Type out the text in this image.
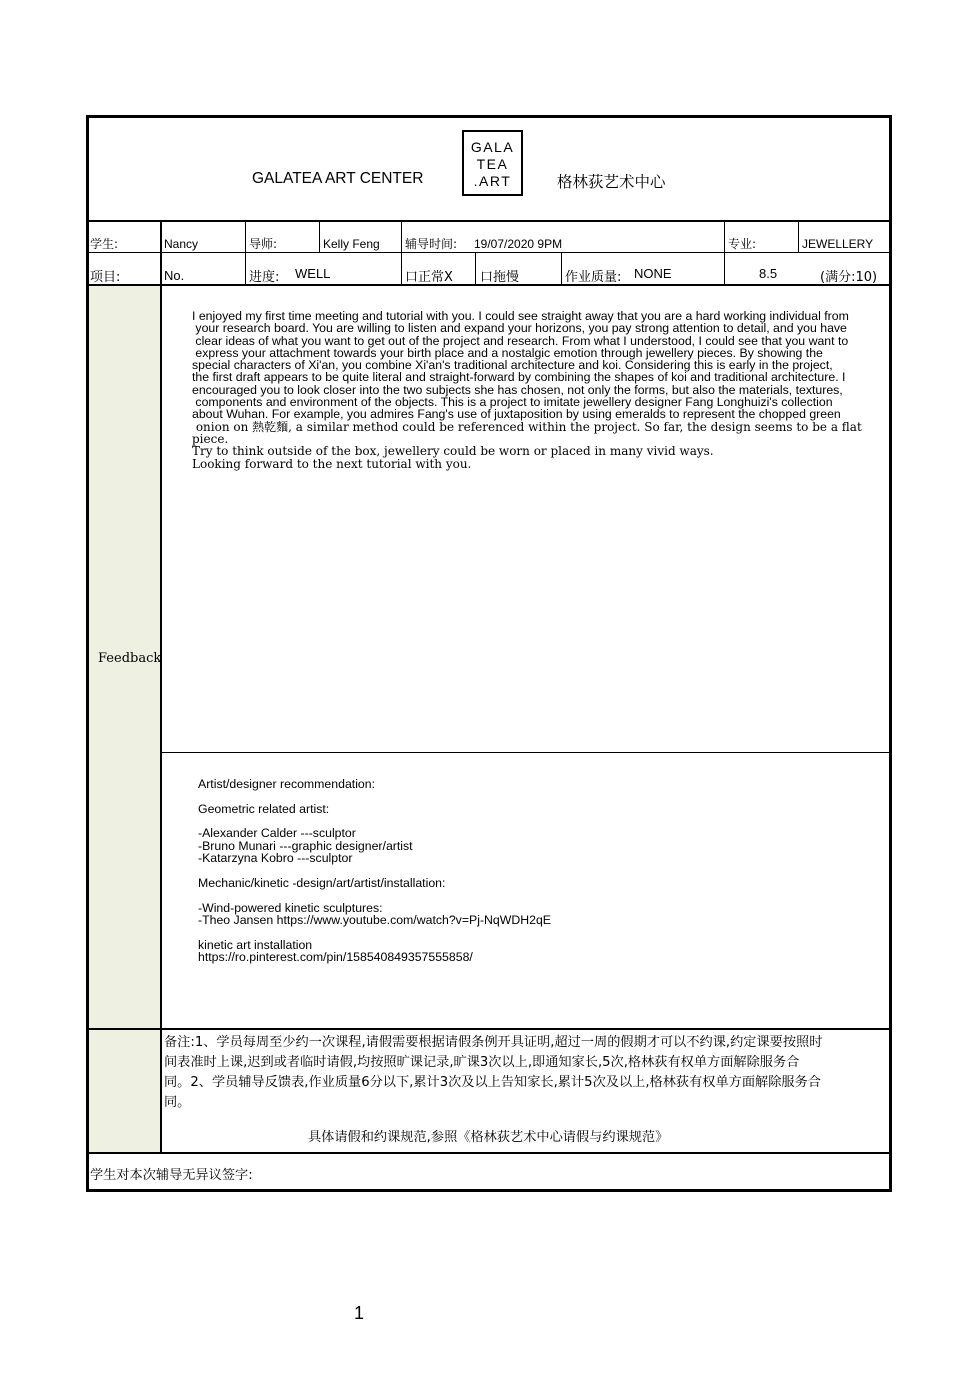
GALATEA ART CENTER
GALA
TEA
.ART	格林荻艺术中心
学生:	Nancy	导师:	Kelly Feng 辅导时间: 19/07/2020 9PM	专业:	JEWELLERY
项目:	No.	进度: WELL	口正常X 口拖慢	作业质量: NONE	8.5	(满分:10)
Feedback

I enjoyed my first time meeting and tutorial with you. I could see straight away that you are a hard working individual from

your research board. You are willing to listen and expand your horizons, you pay strong attention to detail, and you have

clear ideas of what you want to get out of the project and research. From what I understood, I could see that you want to

express your attachment towards your birth place and a nostalgic emotion through jewellery pieces. By showing the

special characters of Xi'an, you combine Xi'an's traditional architecture and koi. Considering this is early in the project,

the first draft appears to be quite literal and straight-forward by combining the shapes of koi and traditional architecture. I

encouraged you to look closer into the two subjects she has chosen, not only the forms, but also the materials, textures,

components and environment of the objects. This is a project to imitate jewellery designer Fang Longhuizi's collection

about Wuhan. For example, you admires Fang's use of juxtaposition by using emeralds to represent the chopped green

onion on 熱乾麵, a similar method could be referenced within the project. So far, the design seems to be a flat piece.

Try to think outside of the box, jewellery could be worn or placed in many vivid ways.

Looking forward to the next tutorial with you.

Artist/designer recommendation:
Geometric related artist:
-Alexander Calder ---sculptor
-Bruno Munari ---graphic designer/artist
-Katarzyna Kobro ---sculptor
Mechanic/kinetic -design/art/artist/installation:
-Wind-powered kinetic sculptures:
-Theo Jansen https://www.youtube.com/watch?v=Pj-NqWDH2qE
kinetic art installation
https://ro.pinterest.com/pin/158540849357555858/
备注:1、学员每周至少约一次课程,请假需要根据请假条例开具证明,超过一周的假期才可以不约课,约定课要按照时
间表准时上课,迟到或者临时请假,均按照旷课记录,旷课3次以上,即通知家长,5次,格林荻有权单方面解除服务合
同。2、学员辅导反馈表,作业质量6分以下,累计3次及以上告知家长,累计5次及以上,格林荻有权单方面解除服务合
同。
具体请假和约课规范,参照《格林荻艺术中心请假与约课规范》
学生对本次辅导无异议签字:
1
